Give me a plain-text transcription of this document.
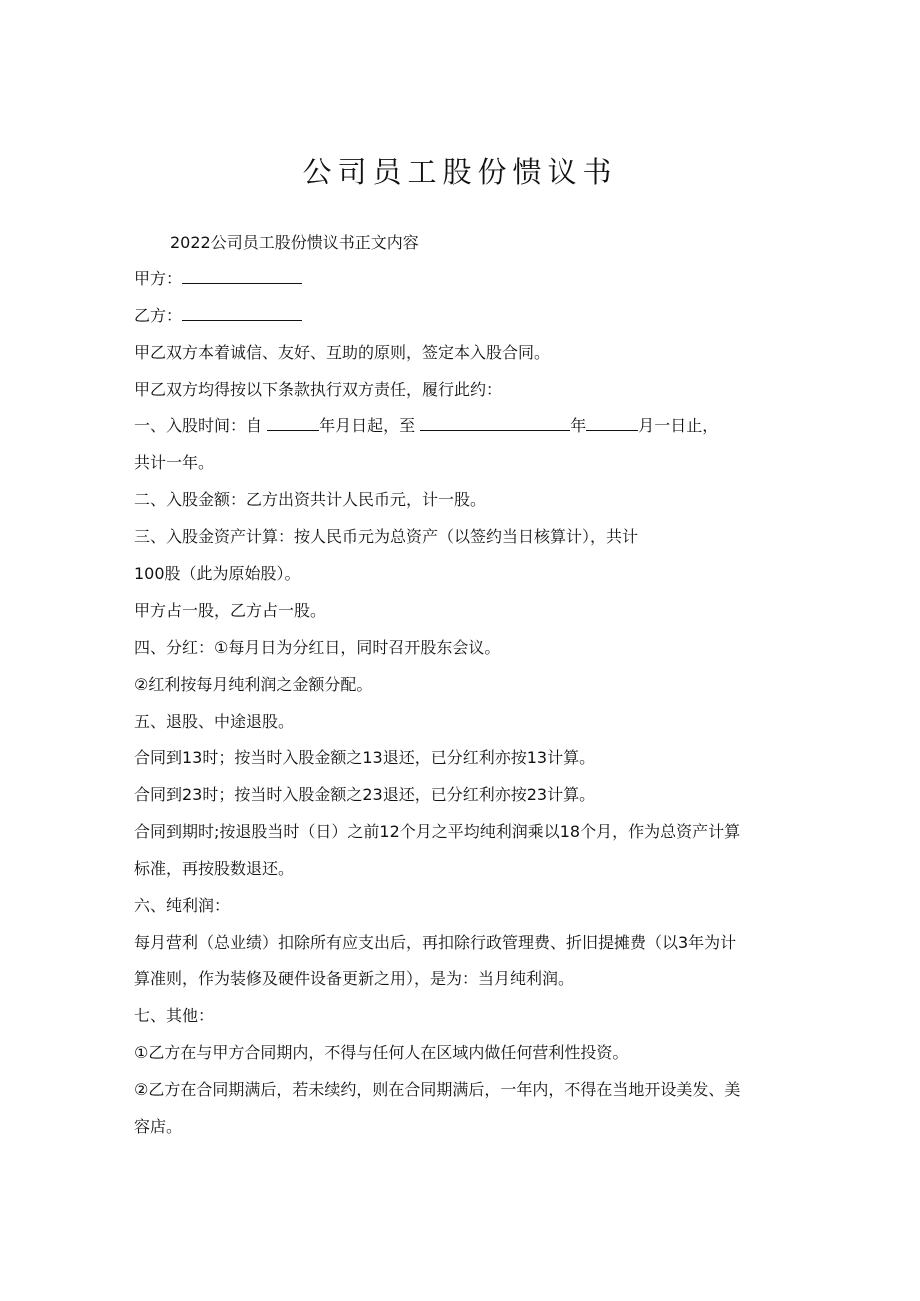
公司员工股份愦议书
2022公司员工股份愦议书正文内容
甲方：
乙方：
甲乙双方本着诚信、友好、互助的原则，签定本入股合同。
甲乙双方均得按以下条款执行双方责任，履行此约：
一、入股时间：自	年月日起，至	年	月一日止，
共计一年。
二、入股金额：乙方出资共计人民币元，计一股。
三、入股金资产计算：按人民币元为总资产（以签约当日核算计），共计
100股（此为原始股）。
甲方占一股，乙方占一股。
四、分红：①每月日为分红日，同时召开股东会议。
②红利按每月纯利润之金额分配。
五、退股、中途退股。
合同到13时；按当时入股金额之13退还，已分红利亦按13计算。
合同到23时；按当时入股金额之23退还，已分红利亦按23计算。
合同到期时;按退股当时（日）之前12个月之平均纯利润乘以18个月，作为总资产计算
标准，再按股数退还。
六、纯利润：
每月营利（总业绩）扣除所有应支出后，再扣除行政管理费、折旧提摊费（以3年为计
算准则，作为装修及硬件设备更新之用），是为：当月纯利润。
七、其他：
①乙方在与甲方合同期内，不得与任何人在区域内做任何营利性投资。
②乙方在合同期满后，若未续约，则在合同期满后，一年内，不得在当地开设美发、美
容店。
